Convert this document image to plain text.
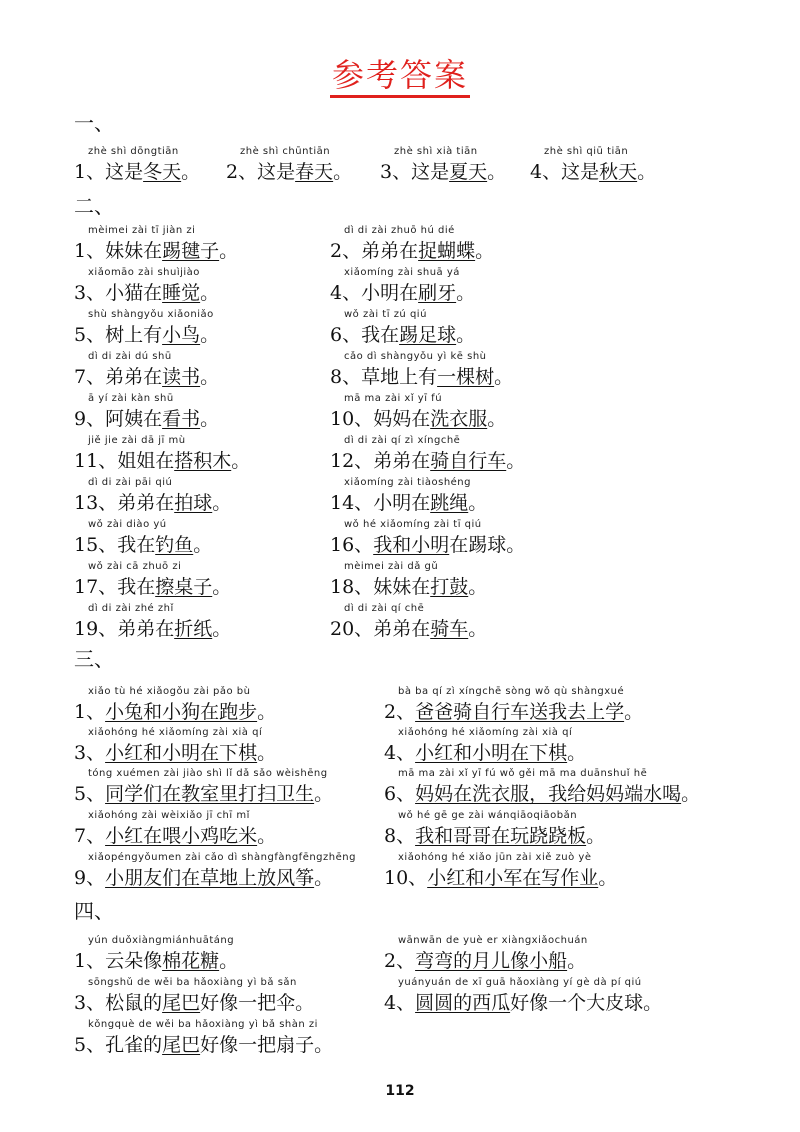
参考答案
一、
zhè shì dōngtiān
1、这是冬天。
zhè shì chūntiān
2、这是春天。
zhè shì xià tiān
3、这是夏天。
zhè shì qiū tiān
4、这是秋天。
二、
mèimei zài tī jiàn zi
1、妹妹在踢毽子。
dì di zài zhuō hú dié
2、弟弟在捉蝴蝶。
xiǎomāo zài shuìjiào
3、小猫在睡觉。
xiǎomíng zài shuā yá
4、小明在刷牙。
shù shàngyǒu xiǎoniǎo
5、树上有小鸟。
wǒ zài tī zú qiú
6、我在踢足球。
dì di zài dú shū
7、弟弟在读书。
cǎo dì shàngyǒu yì kē shù
8、草地上有一棵树。
ā yí zài kàn shū
9、阿姨在看书。
mā ma zài xǐ yī fú
10、妈妈在洗衣服。
jiě jie zài dā jī mù
11、姐姐在搭积木。
dì di zài qí zì xíngchē
12、弟弟在骑自行车。
dì di zài pāi qiú
13、弟弟在拍球。
xiǎomíng zài tiàoshéng
14、小明在跳绳。
wǒ zài diào yú
15、我在钓鱼。
wǒ hé xiǎomíng zài tī qiú
16、我和小明在踢球。
wǒ zài cā zhuō zi
17、我在擦桌子。
mèimei zài dǎ gǔ
18、妹妹在打鼓。
dì di zài zhé zhǐ
19、弟弟在折纸。
dì di zài qí chē
20、弟弟在骑车。
三、
xiǎo tù hé xiǎogǒu zài pǎo bù
1、小兔和小狗在跑步。
bà ba qí zì xíngchē sòng wǒ qù shàngxué
2、爸爸骑自行车送我去上学。
xiǎohóng hé xiǎomíng zài xià qí
3、小红和小明在下棋。
xiǎohóng hé xiǎomíng zài xià qí
4、小红和小明在下棋。
tóng xuémen zài jiào shì lǐ dǎ sǎo wèishēng
5、同学们在教室里打扫卫生。
mā ma zài xǐ yī fú wǒ gěi mā ma duānshuǐ hē
6、妈妈在洗衣服，我给妈妈端水喝。
xiǎohóng zài wèixiǎo jī chī mǐ
7、小红在喂小鸡吃米。
wǒ hé gē ge zài wánqiāoqiāobǎn
8、我和哥哥在玩跷跷板。
xiǎopéngyǒumen zài cǎo dì shàngfàngfēngzhēng
9、小朋友们在草地上放风筝。
xiǎohóng hé xiǎo jūn zài xiě zuò yè
10、小红和小军在写作业。
四、
yún duǒxiàngmiánhuātáng
1、云朵像棉花糖。
wānwān de yuè er xiàngxiǎochuán
2、弯弯的月儿像小船。
sōngshǔ de wěi ba hǎoxiàng yì bǎ sǎn
3、松鼠的尾巴好像一把伞。
yuányuán de xī guā hǎoxiàng yí gè dà pí qiú
4、圆圆的西瓜好像一个大皮球。
kǒngquè de wěi ba hǎoxiàng yì bǎ shàn zi
5、孔雀的尾巴好像一把扇子。
112
